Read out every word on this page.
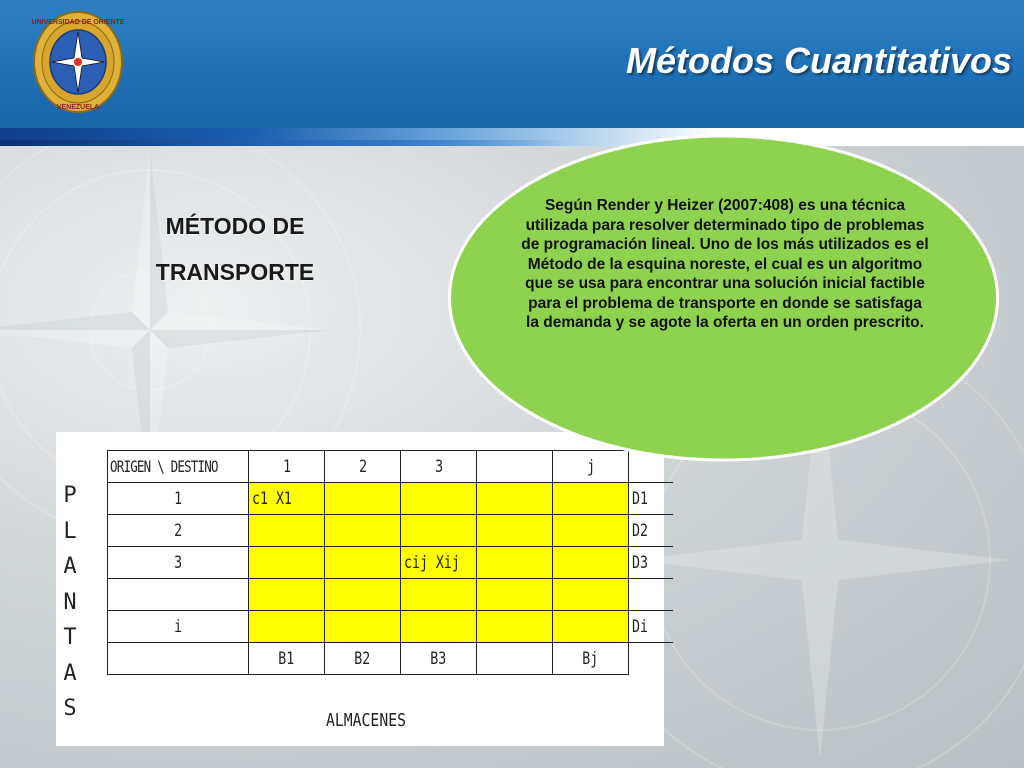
UNIVERSIDAD DE ORIENTE
VENEZUELA
Métodos Cuantitativos
MÉTODO DE
TRANSPORTE
ORIGEN \ DESTINO	1	2	3		j	
1	c1 X1					D1
2						D2
3			cij Xij			D3

i						Di
	B1	B2	B3		Bj	
P
L
A
N
T
A
S	ALMACENES
Según Render y Heizer (2007:408) es una técnica utilizada para resolver determinado tipo de problemas de programación lineal. Uno de los más utilizados es el Método de la esquina noreste, el cual es un algoritmo que se usa para encontrar una solución inicial factible para el problema de transporte en donde se satisfaga la demanda y se agote la oferta en un orden prescrito.
